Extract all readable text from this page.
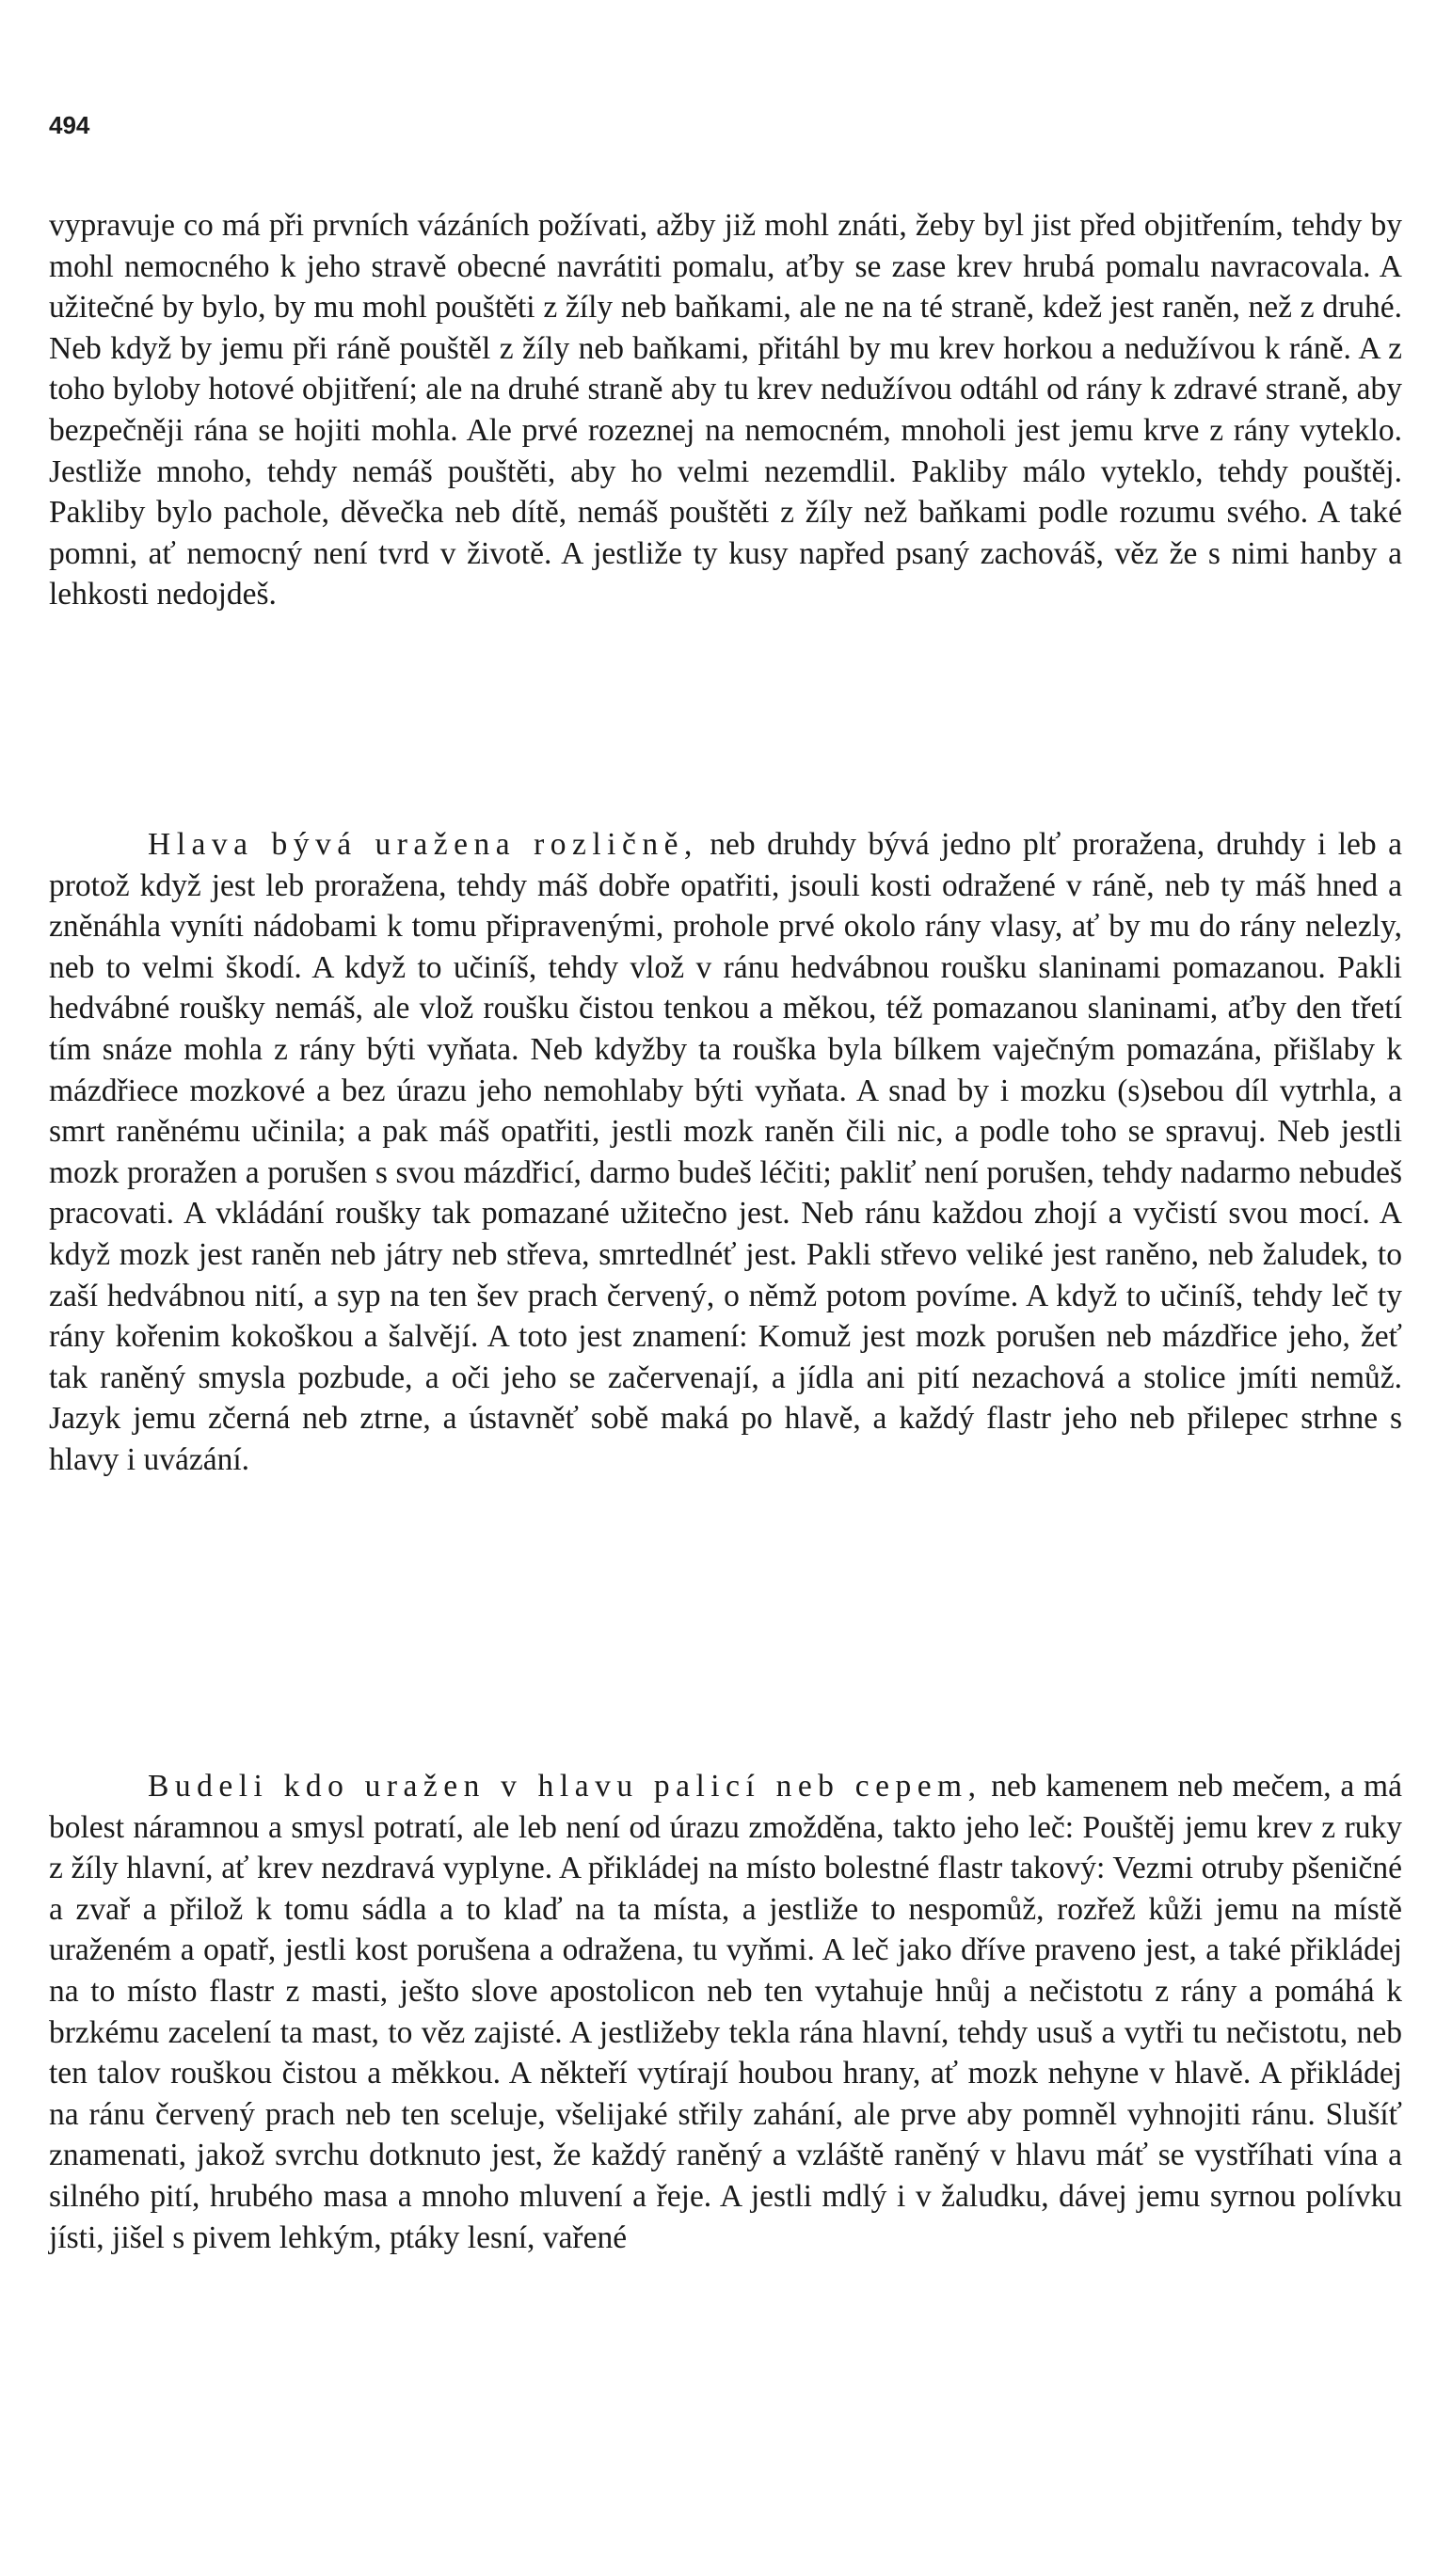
494

vypravuje co má při prvních vázáních požívati, ažby již mohl znáti, žeby byl jist před objitřením, tehdy by mohl nemocného k jeho stravě obecné navrátiti pomalu, aťby se zase krev hrubá pomalu navracovala. A užitečné by bylo, by mu mohl pouštěti z žíly neb baňkami, ale ne na té straně, kdež jest raněn, než z druhé. Neb když by jemu při ráně pouštěl z žíly neb baňkami, přitáhl by mu krev horkou a nedužívou k ráně. A z toho byloby hotové objitření; ale na druhé straně aby tu krev nedužívou odtáhl od rány k zdravé straně, aby bezpečněji rána se hojiti mohla. Ale prvé rozeznej na nemocném, mnoholi jest jemu krve z rány vyteklo. Jestliže mnoho, tehdy nemáš pouštěti, aby ho velmi nezemdlil. Pakliby málo vyteklo, tehdy pouštěj. Pakliby bylo pachole, děvečka neb dítě, nemáš pouštěti z žíly než baňkami podle rozumu svého. A také pomni, ať nemocný není tvrd v životě. A jestliže ty kusy napřed psaný zachováš, věz že s nimi hanby a lehkosti nedojdeš.

Hlava bývá uražena rozličně, neb druhdy bývá jedno plť proražena, druhdy i leb a protož když jest leb proražena, tehdy máš dobře opatřiti, jsouli kosti odražené v ráně, neb ty máš hned a zněnáhla vyníti nádobami k tomu připravenými, prohole prvé okolo rány vlasy, ať by mu do rány nelezly, neb to velmi škodí. A když to učiníš, tehdy vlož v ránu hedvábnou roušku slaninami pomazanou. Pakli hedvábné roušky nemáš, ale vlož roušku čistou tenkou a měkou, též pomazanou slaninami, aťby den třetí tím snáze mohla z rány býti vyňata. Neb kdyžby ta rouška byla bílkem vaječným pomazána, přišlaby k mázdřiece mozkové a bez úrazu jeho nemohlaby býti vyňata. A snad by i mozku (s)sebou díl vytrhla, a smrt raněnému učinila; a pak máš opatřiti, jestli mozk raněn čili nic, a podle toho se spravuj. Neb jestli mozk proražen a porušen s svou mázdřicí, darmo budeš léčiti; pakliť není porušen, tehdy nadarmo nebudeš pracovati. A vkládání roušky tak pomazané užitečno jest. Neb ránu každou zhojí a vyčistí svou mocí. A když mozk jest raněn neb játry neb střeva, smrtedlnéť jest. Pakli střevo veliké jest raněno, neb žaludek, to zaší hedvábnou nití, a syp na ten šev prach červený, o němž potom povíme. A když to učiníš, tehdy leč ty rány kořenim kokoškou a šalvějí. A toto jest znamení: Komuž jest mozk porušen neb mázdřice jeho, žeť tak raněný smysla pozbude, a oči jeho se začervenají, a jídla ani pití nezachová a stolice jmíti nemůž. Jazyk jemu zčerná neb ztrne, a ústavněť sobě maká po hlavě, a každý flastr jeho neb přilepec strhne s hlavy i uvázání.

Budeli kdo uražen v hlavu palicí neb cepem, neb kamenem neb mečem, a má bolest náramnou a smysl potratí, ale leb není od úrazu zmožděna, takto jeho leč: Pouštěj jemu krev z ruky z žíly hlavní, ať krev nezdravá vyplyne. A přikládej na místo bolestné flastr takový: Vezmi otruby pšeničné a zvař a přilož k tomu sádla a to klaď na ta místa, a jestliže to nespomůž, rozřež kůži jemu na místě uraženém a opatř, jestli kost porušena a odražena, tu vyňmi. A leč jako dříve praveno jest, a také přikládej na to místo flastr z masti, ješto slove apostolicon neb ten vytahuje hnůj a nečistotu z rány a pomáhá k brzkému zacelení ta mast, to věz zajisté. A jestližeby tekla rána hlavní, tehdy usuš a vytři tu nečistotu, neb ten talov rouškou čistou a měkkou. A někteří vytírají houbou hrany, ať mozk nehyne v hlavě. A přikládej na ránu červený prach neb ten sceluje, všelijaké střily zahání, ale prve aby pomněl vyhnojiti ránu. Slušíť znamenati, jakož svrchu dotknuto jest, že každý raněný a vzláště raněný v hlavu máť se vystříhati vína a silného pití, hrubého masa a mnoho mluvení a řeje. A jestli mdlý i v žaludku, dávej jemu syrnou polívku jísti, jišel s pivem lehkým, ptáky lesní, vařené
